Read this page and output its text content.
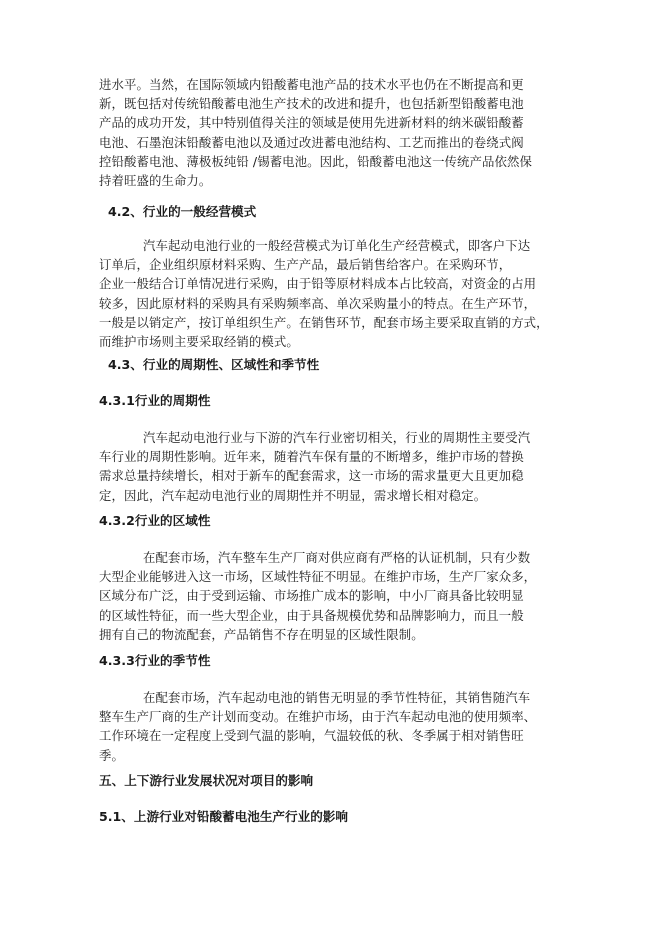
进水平。当然，在国际领域内铅酸蓄电池产品的技术水平也仍在不断提高和更
新，既包括对传统铅酸蓄电池生产技术的改进和提升，也包括新型铅酸蓄电池
产品的成功开发，其中特别值得关注的领域是使用先进新材料的纳米碳铅酸蓄
电池、石墨泡沫铅酸蓄电池以及通过改进蓄电池结构、工艺而推出的卷绕式阀
控铅酸蓄电池、薄极板纯铅 /锡蓄电池。因此，铅酸蓄电池这一传统产品依然保
持着旺盛的生命力。
4.2、行业的一般经营模式
汽车起动电池行业的一般经营模式为订单化生产经营模式，即客户下达
订单后，企业组织原材料采购、生产产品，最后销售给客户。在采购环节，
企业一般结合订单情况进行采购，由于铅等原材料成本占比较高，对资金的占用
较多，因此原材料的采购具有采购频率高、单次采购量小的特点。在生产环节，
一般是以销定产，按订单组织生产。在销售环节，配套市场主要采取直销的方式，
而维护市场则主要采取经销的模式。
4.3、行业的周期性、区域性和季节性
4.3.1行业的周期性
汽车起动电池行业与下游的汽车行业密切相关，行业的周期性主要受汽
车行业的周期性影响。近年来，随着汽车保有量的不断增多，维护市场的替换
需求总量持续增长，相对于新车的配套需求，这一市场的需求量更大且更加稳
定，因此，汽车起动电池行业的周期性并不明显，需求增长相对稳定。
4.3.2行业的区域性
在配套市场，汽车整车生产厂商对供应商有严格的认证机制，只有少数
大型企业能够进入这一市场，区域性特征不明显。在维护市场，生产厂家众多，
区域分布广泛，由于受到运输、市场推广成本的影响，中小厂商具备比较明显
的区域性特征，而一些大型企业，由于具备规模优势和品牌影响力，而且一般
拥有自己的物流配套，产品销售不存在明显的区域性限制。
4.3.3行业的季节性
在配套市场，汽车起动电池的销售无明显的季节性特征，其销售随汽车
整车生产厂商的生产计划而变动。在维护市场，由于汽车起动电池的使用频率、
工作环境在一定程度上受到气温的影响，气温较低的秋、冬季属于相对销售旺
季。
五、上下游行业发展状况对项目的影响
5.1、上游行业对铅酸蓄电池生产行业的影响
